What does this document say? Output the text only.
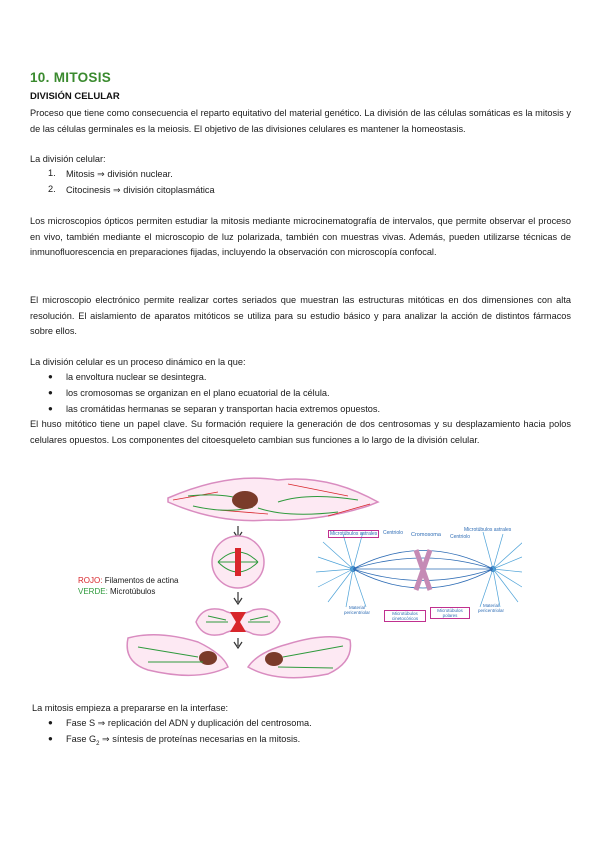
10. MITOSIS
DIVISIÓN CELULAR
Proceso que tiene como consecuencia el reparto equitativo del material genético. La división de las células somáticas es la mitosis y de las células germinales es la meiosis. El objetivo de las divisiones celulares es mantener la homeostasis.
La división celular:
1. Mitosis ⇒ división nuclear.
2. Citocinesis ⇒ división citoplasmática
Los microscopios ópticos permiten estudiar la mitosis mediante microcinematografía de intervalos, que permite observar el proceso en vivo, también mediante el microscopio de luz polarizada, también con muestras vivas. Además, pueden utilizarse técnicas de inmunofluorescencia en preparaciones fijadas, incluyendo la observación con microscopía confocal.
El microscopio electrónico permite realizar cortes seriados que muestran las estructuras mitóticas en dos dimensiones con alta resolución. El aislamiento de aparatos mitóticos se utiliza para su estudio básico y para analizar la acción de distintos fármacos sobre ellos.
La división celular es un proceso dinámico en la que:
● la envoltura nuclear se desintegra.
● los cromosomas se organizan en el plano ecuatorial de la célula.
● las cromátidas hermanas se separan y transportan hacia extremos opuestos.
El huso mitótico tiene un papel clave. Su formación requiere la generación de dos centrosomas y su desplazamiento hacia polos celulares opuestos. Los componentes del citoesqueleto cambian sus funciones a lo largo de la división celular.
ROJO: Filamentos de actina
VERDE: Microtúbulos
Microtúbulos astrales	Centriolo Cromosoma Centriolo
Microtúbulos astrales
Material pericentriolar	Microtúbulos cinetocóricos
Microtúbulos polares
Material pericentriolar
La mitosis empieza a prepararse en la interfase:
● Fase S ⇒ replicación del ADN y duplicación del centrosoma.
● Fase $G_2$ ⇒ síntesis de proteínas necesarias en la mitosis.
